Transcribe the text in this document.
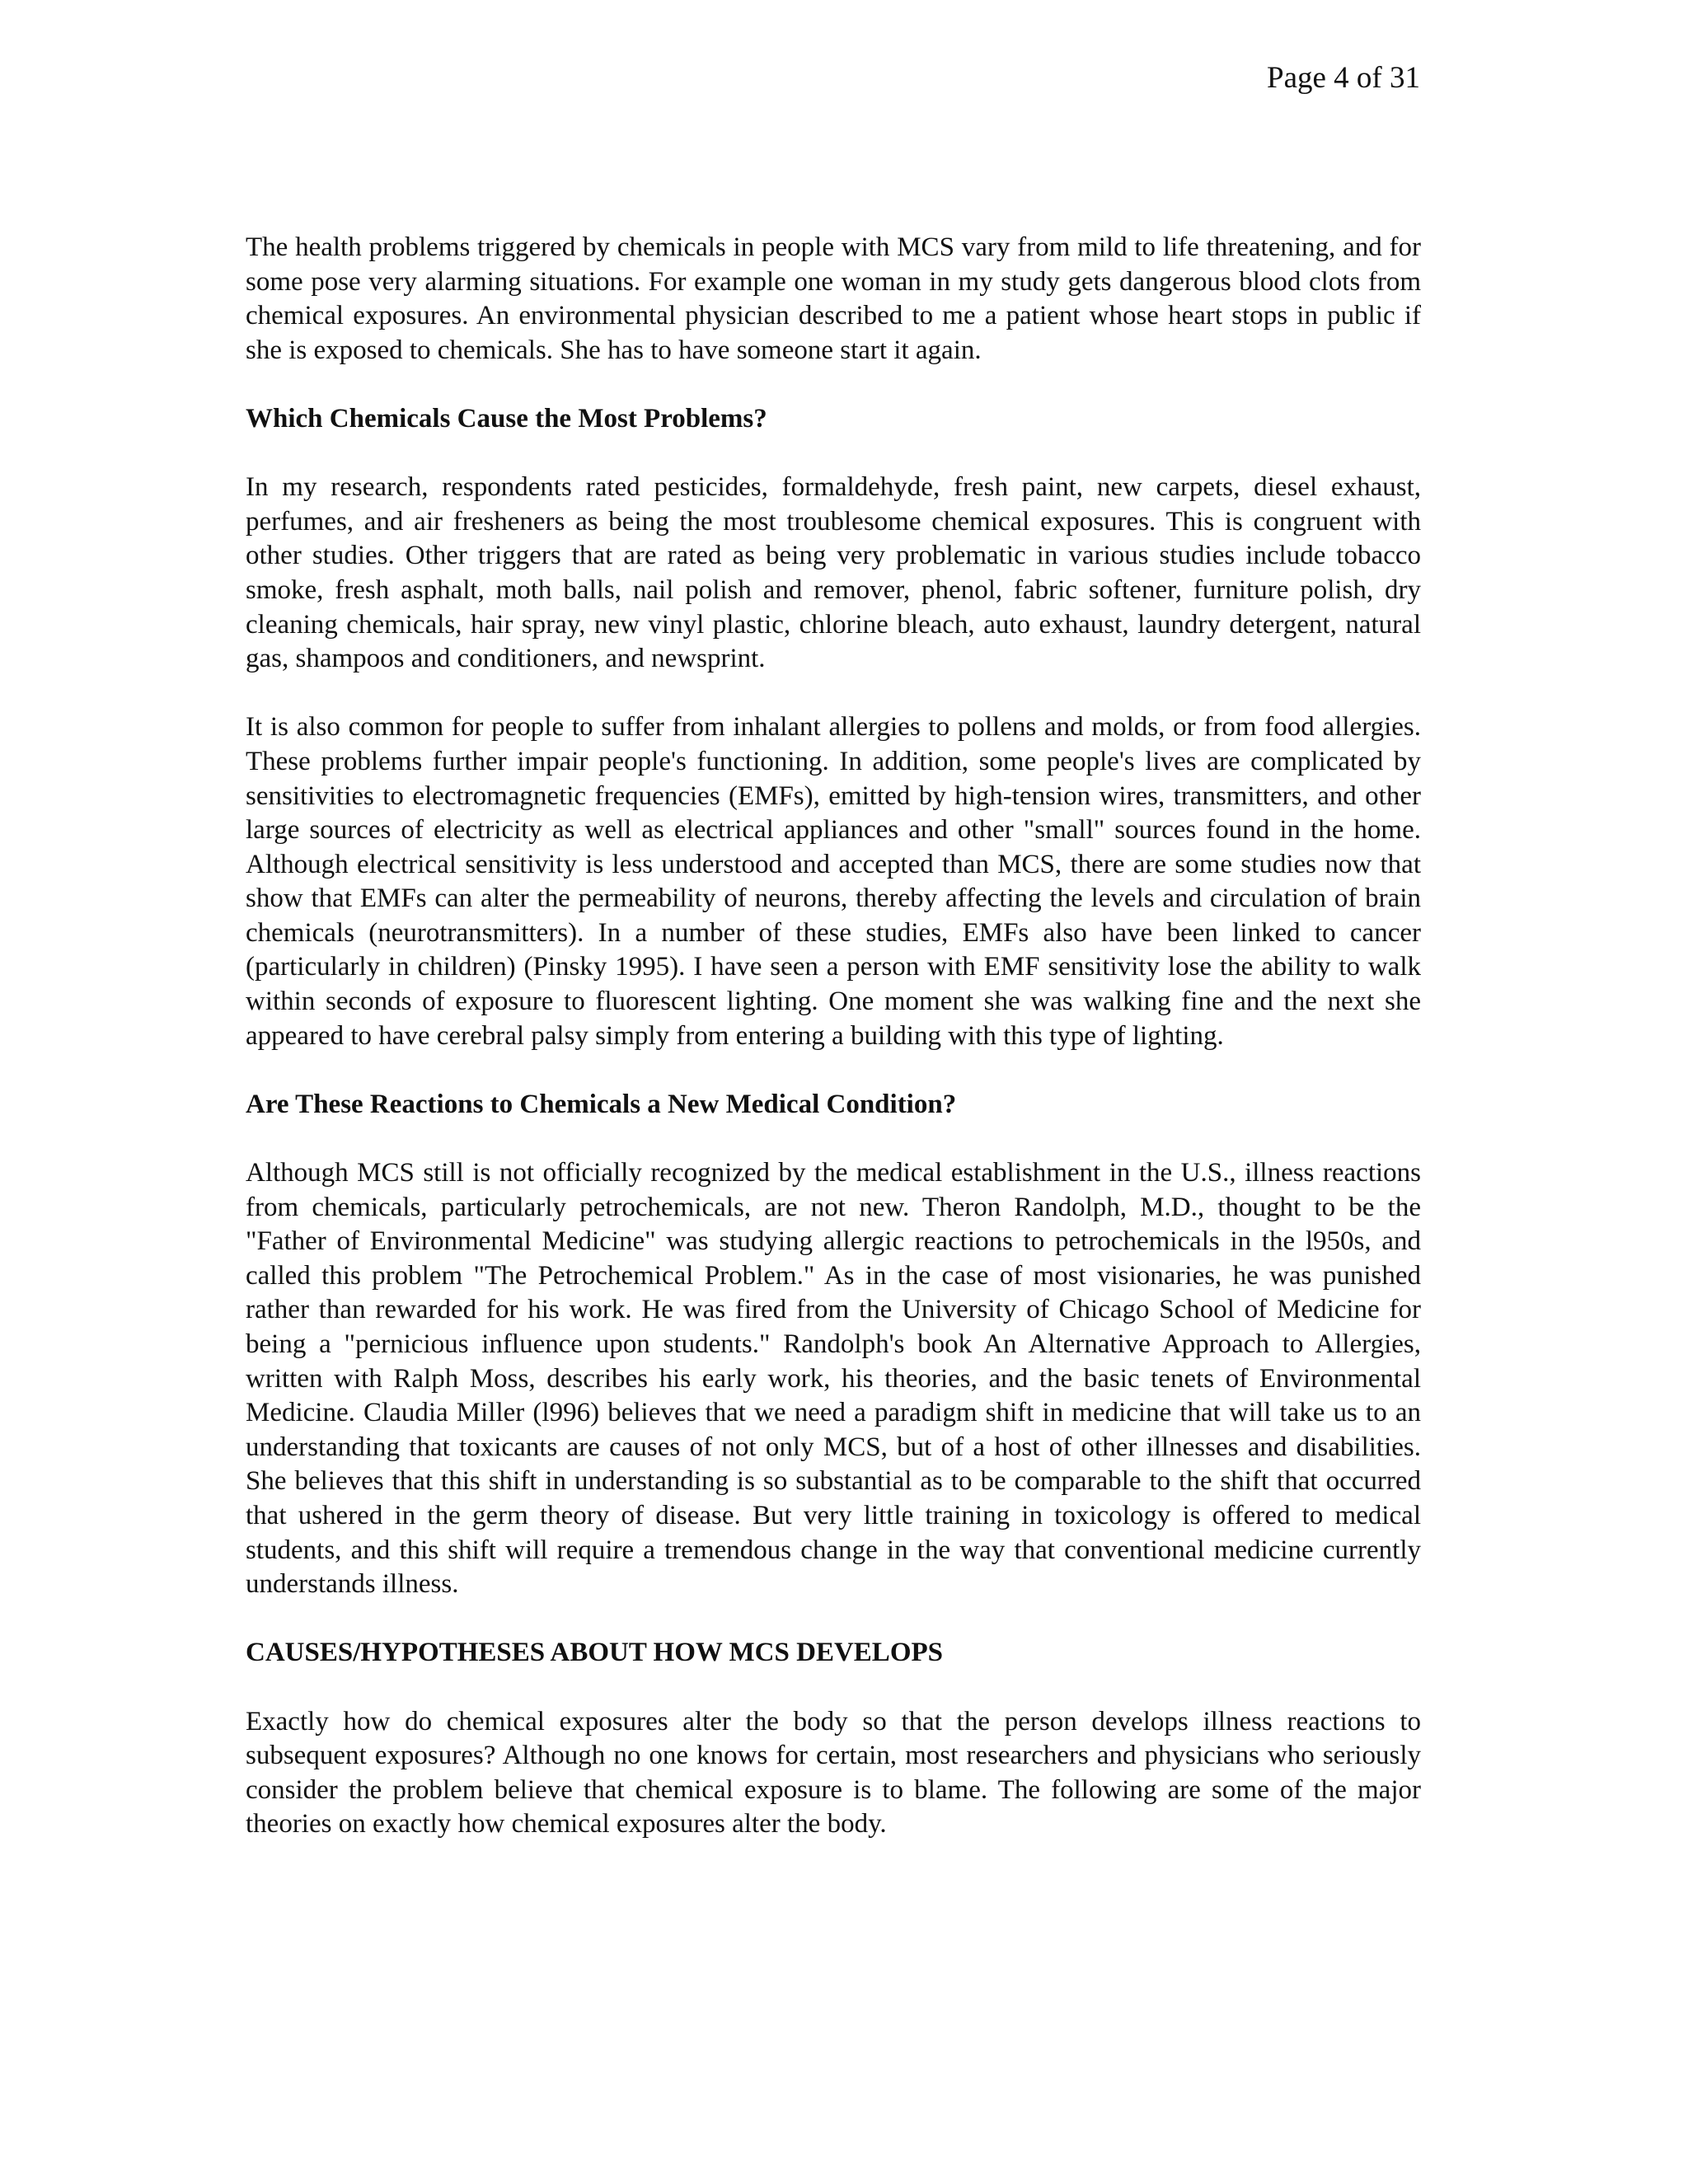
Page 4 of 31

The health problems triggered by chemicals in people with MCS vary from mild to life threatening, and for some pose very alarming situations. For example one woman in my study gets dangerous blood clots from chemical exposures. An environmental physician described to me a patient whose heart stops in public if she is exposed to chemicals. She has to have someone start it again.

Which Chemicals Cause the Most Problems?

In my research, respondents rated pesticides, formaldehyde, fresh paint, new carpets, diesel exhaust, perfumes, and air fresheners as being the most troublesome chemical exposures. This is congruent with other studies. Other triggers that are rated as being very problematic in various studies include tobacco smoke, fresh asphalt, moth balls, nail polish and remover, phenol, fabric softener, furniture polish, dry cleaning chemicals, hair spray, new vinyl plastic, chlorine bleach, auto exhaust, laundry detergent, natural gas, shampoos and conditioners, and newsprint.

It is also common for people to suffer from inhalant allergies to pollens and molds, or from food allergies. These problems further impair people's functioning. In addition, some people's lives are complicated by sensitivities to electromagnetic frequencies (EMFs), emitted by high-tension wires, transmitters, and other large sources of electricity as well as electrical appliances and other "small" sources found in the home. Although electrical sensitivity is less understood and accepted than MCS, there are some studies now that show that EMFs can alter the permeability of neurons, thereby affecting the levels and circulation of brain chemicals (neurotransmitters). In a number of these studies, EMFs also have been linked to cancer (particularly in children) (Pinsky 1995). I have seen a person with EMF sensitivity lose the ability to walk within seconds of exposure to fluorescent lighting. One moment she was walking fine and the next she appeared to have cerebral palsy simply from entering a building with this type of lighting.

Are These Reactions to Chemicals a New Medical Condition?

Although MCS still is not officially recognized by the medical establishment in the U.S., illness reactions from chemicals, particularly petrochemicals, are not new. Theron Randolph, M.D., thought to be the "Father of Environmental Medicine" was studying allergic reactions to petrochemicals in the l950s, and called this problem "The Petrochemical Problem." As in the case of most visionaries, he was punished rather than rewarded for his work. He was fired from the University of Chicago School of Medicine for being a "pernicious influence upon students." Randolph's book An Alternative Approach to Allergies, written with Ralph Moss, describes his early work, his theories, and the basic tenets of Environmental Medicine. Claudia Miller (l996) believes that we need a paradigm shift in medicine that will take us to an understanding that toxicants are causes of not only MCS, but of a host of other illnesses and disabilities. She believes that this shift in understanding is so substantial as to be comparable to the shift that occurred that ushered in the germ theory of disease. But very little training in toxicology is offered to medical students, and this shift will require a tremendous change in the way that conventional medicine currently understands illness.

CAUSES/HYPOTHESES ABOUT HOW MCS DEVELOPS

Exactly how do chemical exposures alter the body so that the person develops illness reactions to subsequent exposures? Although no one knows for certain, most researchers and physicians who seriously consider the problem believe that chemical exposure is to blame. The following are some of the major theories on exactly how chemical exposures alter the body.
